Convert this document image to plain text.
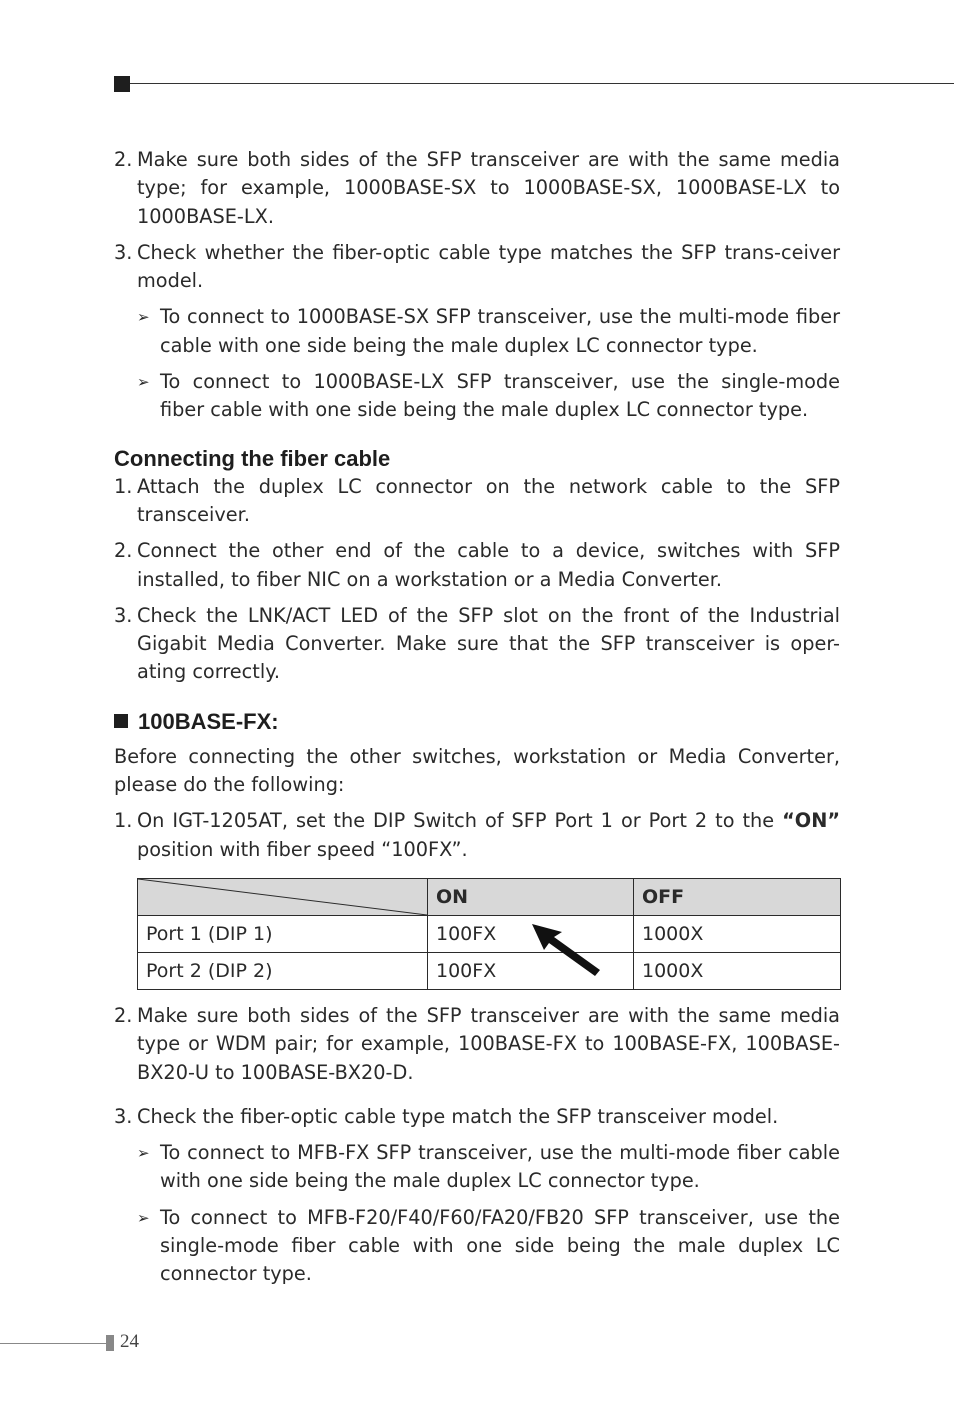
2. Make sure both sides of the SFP transceiver are with the same media type; for example, 1000BASE-SX to 1000BASE-SX, 1000BASE-LX to 1000BASE-LX.

3. Check whether the fiber-optic cable type matches the SFP trans-ceiver model.

➢ To connect to 1000BASE-SX SFP transceiver, use the multi-mode fiber cable with one side being the male duplex LC connector type.

➢ To connect to 1000BASE-LX SFP transceiver, use the single-mode fiber cable with one side being the male duplex LC connector type.

Connecting the fiber cable
1. Attach the duplex LC connector on the network cable to the SFP transceiver.

2. Connect the other end of the cable to a device, switches with SFP installed, to fiber NIC on a workstation or a Media Converter.

3. Check the LNK/ACT LED of the SFP slot on the front of the Industrial Gigabit Media Converter. Make sure that the SFP transceiver is oper-ating correctly.

100BASE-FX:

Before connecting the other switches, workstation or Media Converter, please do the following:

1. On IGT-1205AT, set the DIP Switch of SFP Port 1 or Port 2 to the “ON” position with fiber speed “100FX”.

	ON	OFF
Port 1 (DIP 1)	100FX	1000X
Port 2 (DIP 2)	100FX	1000X
2. Make sure both sides of the SFP transceiver are with the same media type or WDM pair; for example, 100BASE-FX to 100BASE-FX, 100BASE-BX20-U to 100BASE-BX20-D.

3. Check the fiber-optic cable type match the SFP transceiver model.

➢ To connect to MFB-FX SFP transceiver, use the multi-mode fiber cable with one side being the male duplex LC connector type.

➢ To connect to MFB-F20/F40/F60/FA20/FB20 SFP transceiver, use the single-mode fiber cable with one side being the male duplex LC connector type.

24
